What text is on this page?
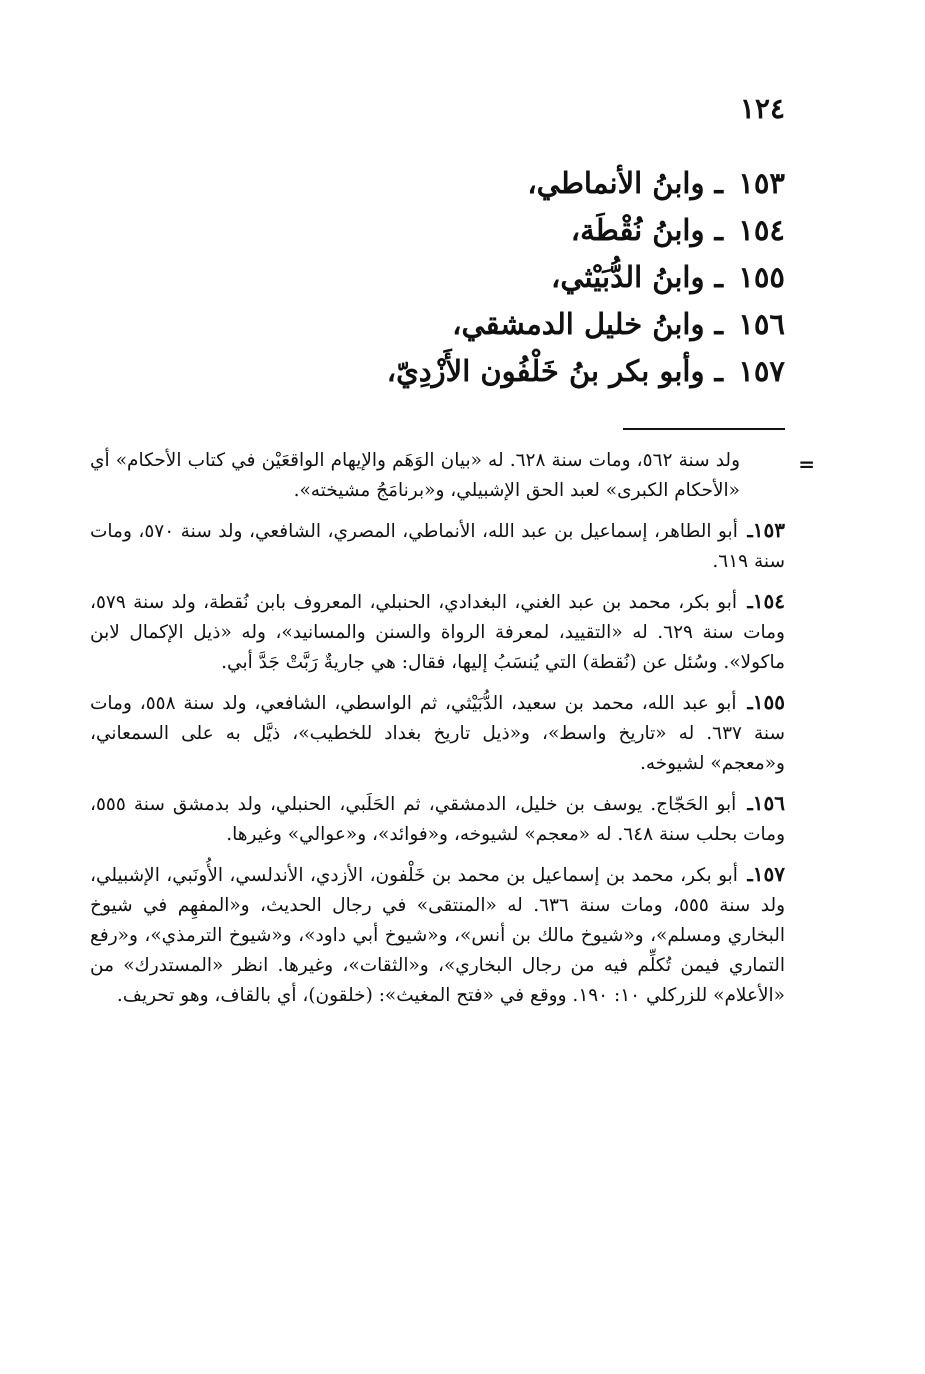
١٢٤
١٥٣ـوابنُ الأنماطي،
١٥٤ـوابنُ نُقْطَة،
١٥٥ـوابنُ الدُّبَيْثي،
١٥٦ـوابنُ خليل الدمشقي،
١٥٧ـوأبو بكر بنُ خَلْفُون الأَزْدِيّ،
=

ولد سنة ٥٦٢، ومات سنة ٦٢٨. له «بيان الوَهَم والإيهام الواقعَيْن في كتاب الأحكام» أي «الأحكام الكبرى» لعبد الحق الإشبيلي، و«برنامَجُ مشيخته».

١٥٣ـ أبو الطاهر، إسماعيل بن عبد الله، الأنماطي، المصري، الشافعي، ولد سنة ٥٧٠، ومات سنة ٦١٩.

١٥٤ـ أبو بكر، محمد بن عبد الغني، البغدادي، الحنبلي، المعروف بابن نُقطة، ولد سنة ٥٧٩، ومات سنة ٦٢٩. له «التقييد، لمعرفة الرواة والسنن والمسانيد»، وله «ذيل الإكمال لابن ماكولا». وسُئل عن (نُقطة) التي يُنسَبُ إليها، فقال: هي جاريةٌ رَبَّتْ جَدَّ أبي.

١٥٥ـ أبو عبد الله، محمد بن سعيد، الدُّبَيْثي، ثم الواسطي، الشافعي، ولد سنة ٥٥٨، ومات سنة ٦٣٧. له «تاريخ واسط»، و«ذيل تاريخ بغداد للخطيب»، ذيَّل به على السمعاني، و«معجم» لشيوخه.

١٥٦ـ أبو الحَجّاج. يوسف بن خليل، الدمشقي، ثم الحَلَبي، الحنبلي، ولد بدمشق سنة ٥٥٥، ومات بحلب سنة ٦٤٨. له «معجم» لشيوخه، و«فوائد»، و«عوالي» وغيرها.

١٥٧ـ أبو بكر، محمد بن إسماعيل بن محمد بن خَلْفون، الأزدي، الأندلسي، الأُونَبي، الإشبيلي، ولد سنة ٥٥٥، ومات سنة ٦٣٦. له «المنتقى» في رجال الحديث، و«المفهِم في شيوخ البخاري ومسلم»، و«شيوخ مالك بن أنس»، و«شيوخ أبي داود»، و«شيوخ الترمذي»، و«رفع التماري فيمن تُكلِّم فيه من رجال البخاري»، و«الثقات»، وغيرها. انظر «المستدرك» من «الأعلام» للزركلي ١٠: ١٩٠. ووقع في «فتح المغيث»: (خلقون)، أي بالقاف، وهو تحريف.
